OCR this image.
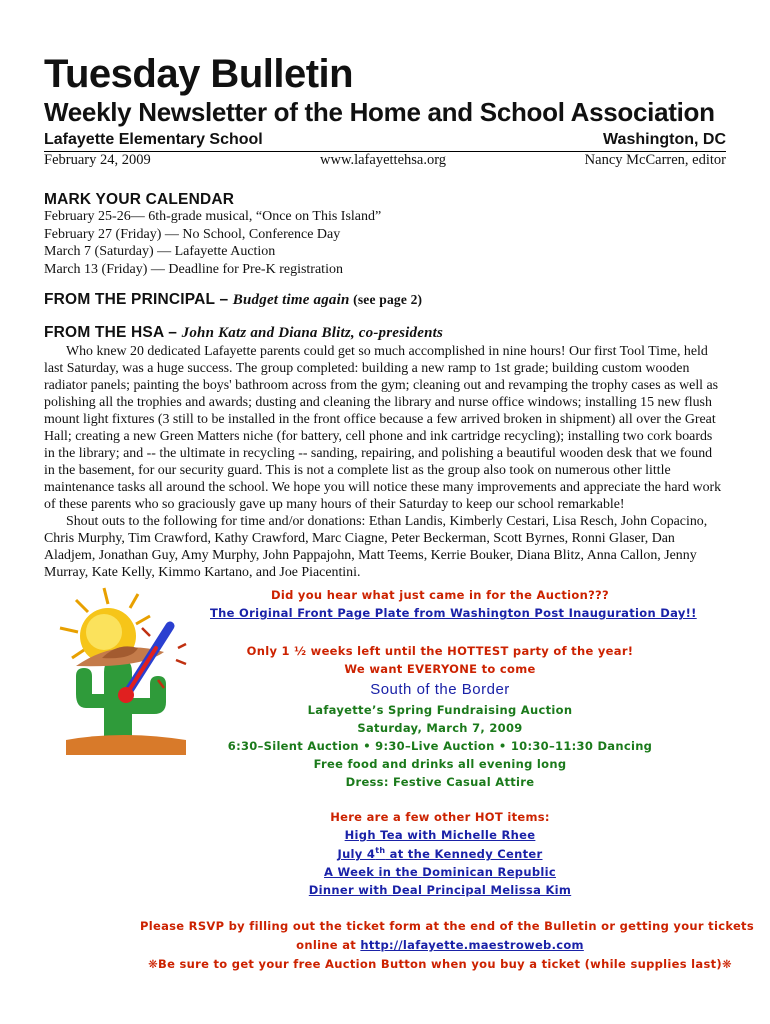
Tuesday Bulletin
Weekly Newsletter of the Home and School Association
Lafayette Elementary School	Washington, DC
February 24, 2009	www.lafayettehsa.org	Nancy McCarren, editor
MARK YOUR CALENDAR
February 25-26— 6th-grade musical, “Once on This Island”
February 27 (Friday) — No School, Conference Day
March 7 (Saturday) — Lafayette Auction
March 13 (Friday) — Deadline for Pre-K registration
FROM THE PRINCIPAL – Budget time again (see page 2)
FROM THE HSA – John Katz and Diana Blitz, co-presidents

Who knew 20 dedicated Lafayette parents could get so much accomplished in nine hours! Our first Tool Time, held last Saturday, was a huge success. The group completed: building a new ramp to 1st grade; building custom wooden radiator panels; painting the boys' bathroom across from the gym; cleaning out and revamping the trophy cases as well as polishing all the trophies and awards; dusting and cleaning the library and nurse office windows; installing 15 new flush mount light fixtures (3 still to be installed in the front office because a few arrived broken in shipment) all over the Great Hall; creating a new Green Matters niche (for battery, cell phone and ink cartridge recycling); installing two cork boards in the library; and -- the ultimate in recycling -- sanding, repairing, and polishing a beautiful wooden desk that we found in the basement, for our security guard. This is not a complete list as the group also took on numerous other little maintenance tasks all around the school. We hope you will notice these many improvements and appreciate the hard work of these parents who so graciously gave up many hours of their Saturday to keep our school remarkable!

Shout outs to the following for time and/or donations: Ethan Landis, Kimberly Cestari, Lisa Resch, John Copacino, Chris Murphy, Tim Crawford, Kathy Crawford, Marc Ciagne, Peter Beckerman, Scott Byrnes, Ronni Glaser, Dan Aladjem, Jonathan Guy, Amy Murphy, John Pappajohn, Matt Teems, Kerrie Bouker, Diana Blitz, Anna Callon, Jenny Murray, Kate Kelly, Kimmo Kartano, and Joe Piacentini.

Did you hear what just came in for the Auction???
The Original Front Page Plate from Washington Post Inauguration Day!!
Only 1 ½ weeks left until the HOTTEST party of the year!
We want EVERYONE to come
South of the Border
Lafayette’s Spring Fundraising Auction
Saturday, March 7, 2009
6:30–Silent Auction • 9:30–Live Auction • 10:30–11:30 Dancing
Free food and drinks all evening long
Dress: Festive Casual Attire
Here are a few other HOT items:
High Tea with Michelle Rhee
July 4th at the Kennedy Center
A Week in the Dominican Republic
Dinner with Deal Principal Melissa Kim
Please RSVP by filling out the ticket form at the end of the Bulletin or getting your tickets
online at http://lafayette.maestroweb.com
❋Be sure to get your free Auction Button when you buy a ticket (while supplies last)❋
